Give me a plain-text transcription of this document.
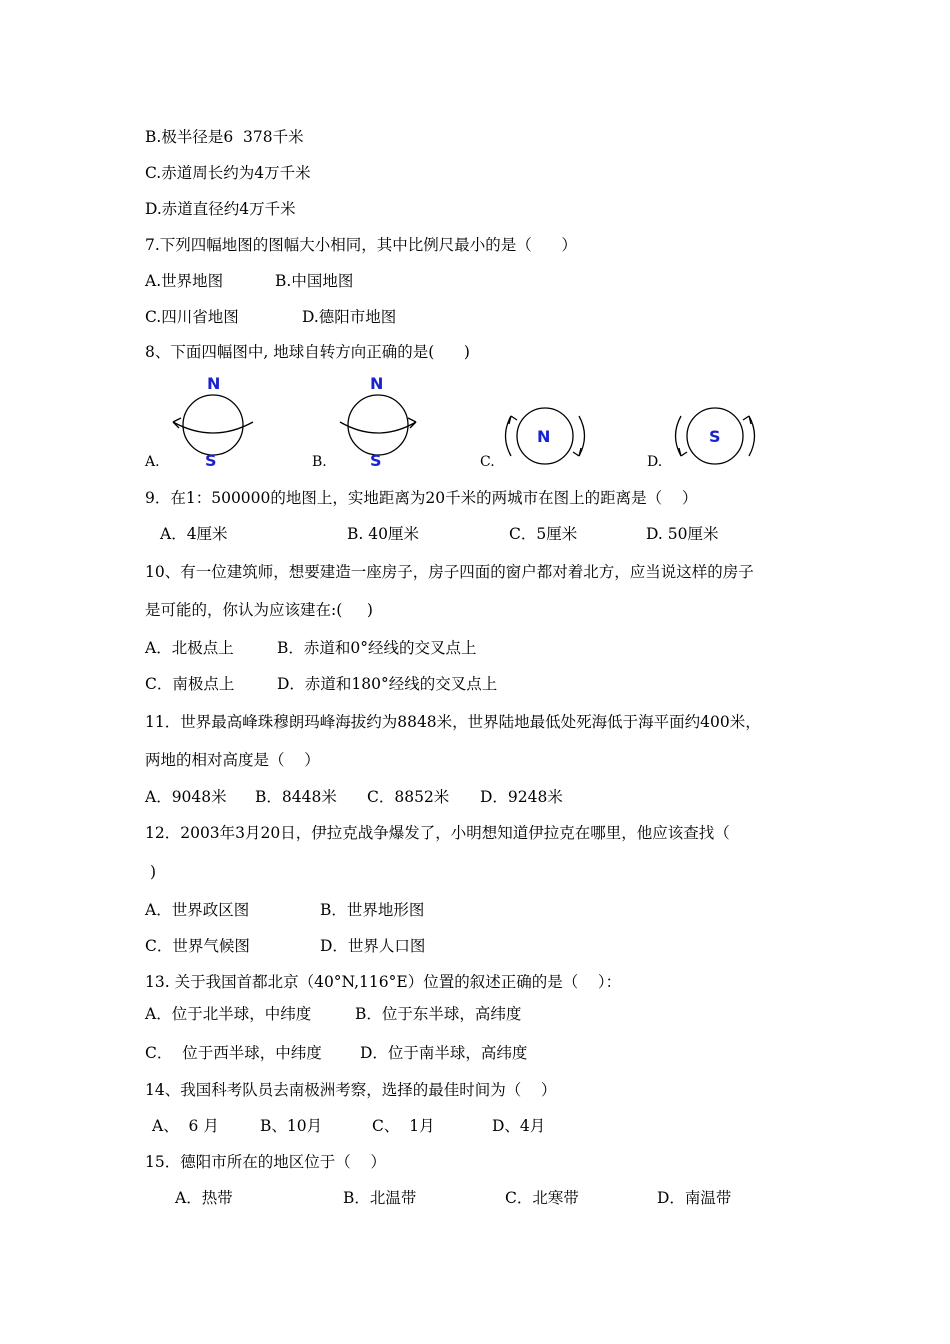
B.极半径是6  378千米
C.赤道周长约为4万千米
D.赤道直径约4万千米
7.下列四幅地图的图幅大小相同，其中比例尺最小的是（      ）

A.世界地图

	B.中国地图

C.四川省地图

	D.德阳市地图

8、下面四幅图中, 地球自转方向正确的是(      )
A.
N
S	B.
N
S	C.
N
D.
S
9．在1：500000的地图上，实地距离为20千米的两城市在图上的距离是（    ）

A．4厘米

	B. 40厘米

	C．5厘米

	D. 50厘米

10、有一位建筑师，想要建造一座房子，房子四面的窗户都对着北方，应当说这样的房子
是可能的，你认为应该建在:(     )

A．北极点上

	B．赤道和0°经线的交叉点上

C．南极点上

	D．赤道和180°经线的交叉点上

11．世界最高峰珠穆朗玛峰海拔约为8848米，世界陆地最低处死海低于海平面约400米，
两地的相对高度是（    ）

A．9048米

B．8448米

C．8852米

D．9248米

12．2003年3月20日，伊拉克战争爆发了，小明想知道伊拉克在哪里，他应该查找（
)

A．世界政区图

	B．世界地形图

C．世界气候图

	D．世界人口图

13. 关于我国首都北京（40°N,116°E）位置的叙述正确的是（    ）：

A．位于北半球，中纬度

	B．位于东半球，高纬度

C．  位于西半球，中纬度

D．位于南半球，高纬度

14、我国科考队员去南极洲考察，选择的最佳时间为（    ）

A、  6 月

	B、10月

	C、  1月

	D、4月

15．德阳市所在的地区位于（    ）

A．热带

	B．北温带

	C．北寒带

	D．南温带
